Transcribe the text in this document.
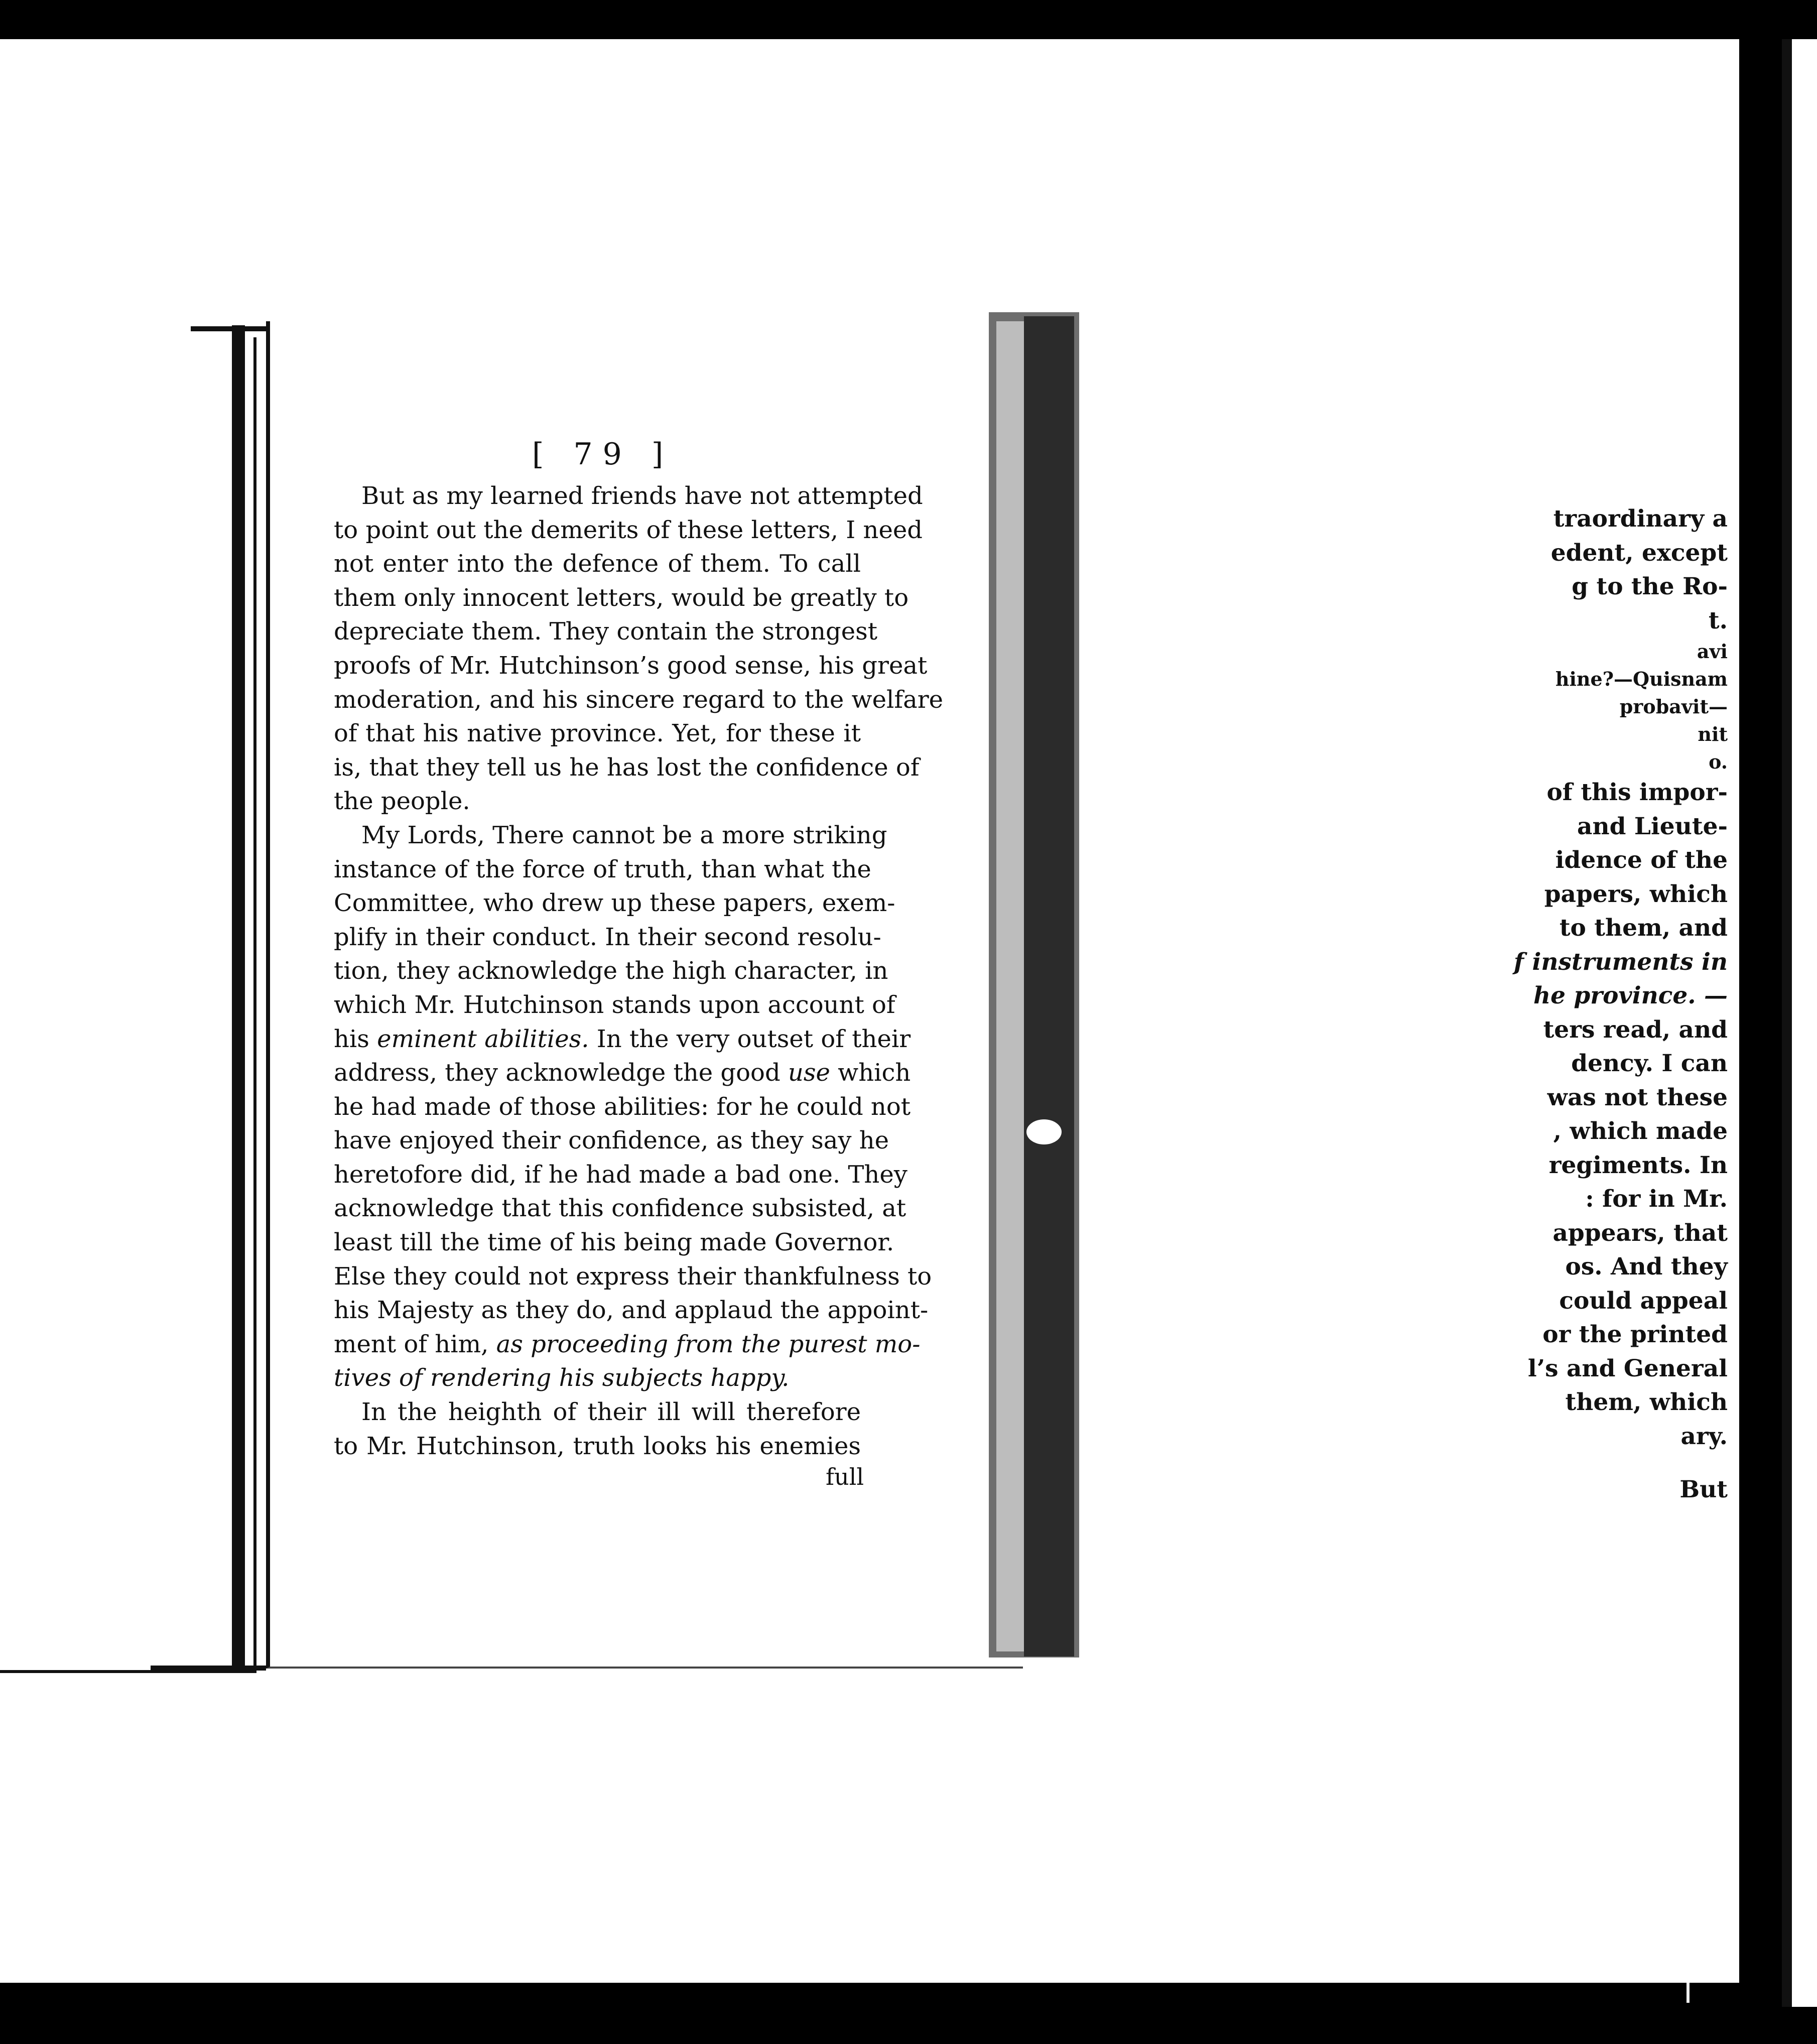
traordinary a
edent, except
g to the Ro-
t.
avi
hine?—Quisnam
probavit—
nit
o.
of this impor-
and Lieute-
idence of the
papers, which
to them, and
f instruments in
he province. —
ters read, and
dency. I can
was not these
, which made
regiments. In
: for in Mr.
appears, that
os. And they
could appeal
or the printed
l’s and General
them, which
ary.
But
[ 79 ]
But as my learned friends have not attempted
to point out the demerits of these letters, I need
not enter into the defence of them. To call
them only innocent letters, would be greatly to
depreciate them. They contain the strongest
proofs of Mr. Hutchinson’s good sense, his great
moderation, and his sincere regard to the welfare
of that his native province. Yet, for these it
is, that they tell us he has lost the confidence of
the people.
My Lords, There cannot be a more striking
instance of the force of truth, than what the
Committee, who drew up these papers, exem-
plify in their conduct. In their second resolu-
tion, they acknowledge the high character, in
which Mr. Hutchinson stands upon account of
his eminent abilities. In the very outset of their
address, they acknowledge the good use which
he had made of those abilities: for he could not
have enjoyed their confidence, as they say he
heretofore did, if he had made a bad one. They
acknowledge that this confidence subsisted, at
least till the time of his being made Governor.
Else they could not express their thankfulness to
his Majesty as they do, and applaud the appoint-
ment of him, as proceeding from the purest mo-
tives of rendering his subjects happy.
In the heighth of their ill will therefore
to Mr. Hutchinson, truth looks his enemies
full
